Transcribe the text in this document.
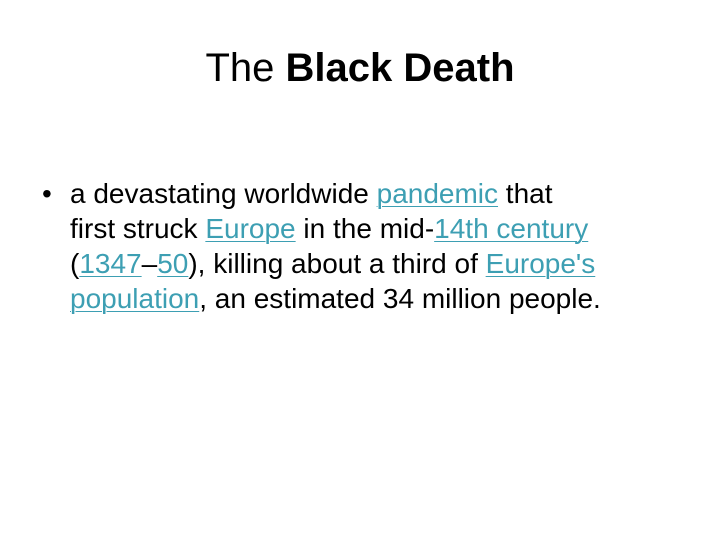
The Black Death
• a devastating worldwide pandemic that
first struck Europe in the mid-14th century
(1347–50), killing about a third of Europe's
population, an estimated 34 million people.
